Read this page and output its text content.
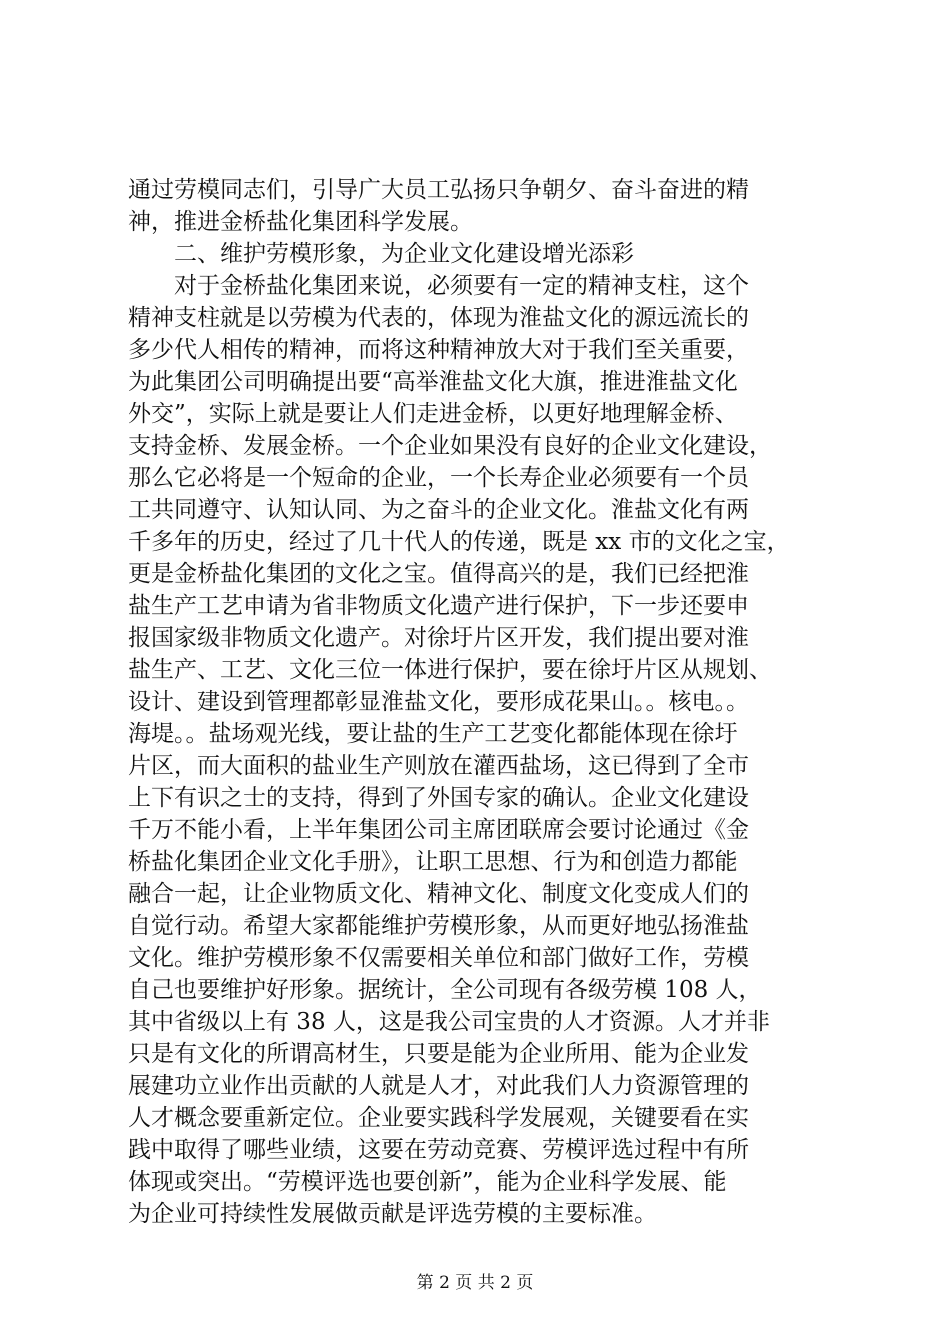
通过劳模同志们，引导广大员工弘扬只争朝夕、奋斗奋进的精
神，推进金桥盐化集团科学发展。
二、维护劳模形象，为企业文化建设增光添彩
对于金桥盐化集团来说，必须要有一定的精神支柱，这个
精神支柱就是以劳模为代表的，体现为淮盐文化的源远流长的
多少代人相传的精神，而将这种精神放大对于我们至关重要，
为此集团公司明确提出要“高举淮盐文化大旗，推进淮盐文化
外交”，实际上就是要让人们走进金桥，以更好地理解金桥、
支持金桥、发展金桥。一个企业如果没有良好的企业文化建设，
那么它必将是一个短命的企业，一个长寿企业必须要有一个员
工共同遵守、认知认同、为之奋斗的企业文化。淮盐文化有两
千多年的历史，经过了几十代人的传递，既是 xx 市的文化之宝，
更是金桥盐化集团的文化之宝。值得高兴的是，我们已经把淮
盐生产工艺申请为省非物质文化遗产进行保护，下一步还要申
报国家级非物质文化遗产。对徐圩片区开发，我们提出要对淮
盐生产、工艺、文化三位一体进行保护，要在徐圩片区从规划、
设计、建设到管理都彰显淮盐文化，要形成花果山。。核电。。
海堤。。盐场观光线，要让盐的生产工艺变化都能体现在徐圩
片区，而大面积的盐业生产则放在灌西盐场，这已得到了全市
上下有识之士的支持，得到了外国专家的确认。企业文化建设
千万不能小看，上半年集团公司主席团联席会要讨论通过《金
桥盐化集团企业文化手册》，让职工思想、行为和创造力都能
融合一起，让企业物质文化、精神文化、制度文化变成人们的
自觉行动。希望大家都能维护劳模形象，从而更好地弘扬淮盐
文化。维护劳模形象不仅需要相关单位和部门做好工作，劳模
自己也要维护好形象。据统计，全公司现有各级劳模 108 人，
其中省级以上有 38 人，这是我公司宝贵的人才资源。人才并非
只是有文化的所谓高材生，只要是能为企业所用、能为企业发
展建功立业作出贡献的人就是人才，对此我们人力资源管理的
人才概念要重新定位。企业要实践科学发展观，关键要看在实
践中取得了哪些业绩，这要在劳动竞赛、劳模评选过程中有所
体现或突出。“劳模评选也要创新”，能为企业科学发展、能
为企业可持续性发展做贡献是评选劳模的主要标准。
第 2 页 共 2 页
